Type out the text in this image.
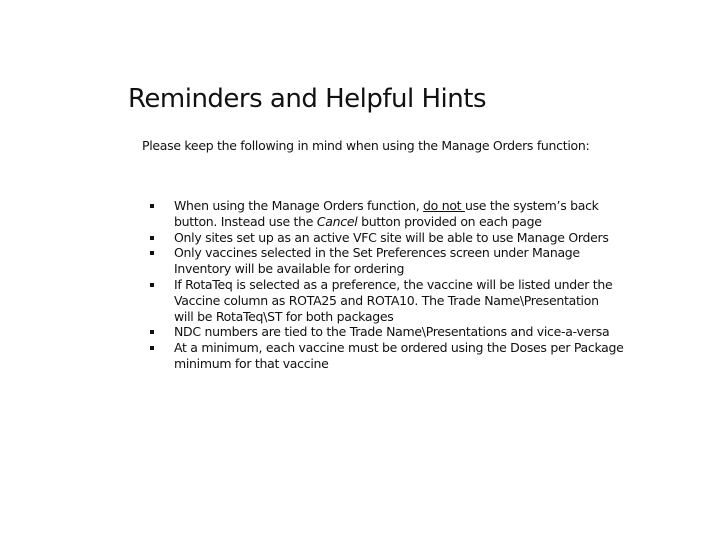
Reminders and Helpful Hints

Please keep the following in mind when using the Manage Orders function:

When using the Manage Orders function, do not use the system’s back
button. Instead use the Cancel button provided on each page
Only sites set up as an active VFC site will be able to use Manage Orders
Only vaccines selected in the Set Preferences screen under Manage
Inventory will be available for ordering
If RotaTeq is selected as a preference, the vaccine will be listed under the
Vaccine column as ROTA25 and ROTA10. The Trade Name\Presentation
will be RotaTeq\ST for both packages
NDC numbers are tied to the Trade Name\Presentations and vice-a-versa
At a minimum, each vaccine must be ordered using the Doses per Package
minimum for that vaccine
